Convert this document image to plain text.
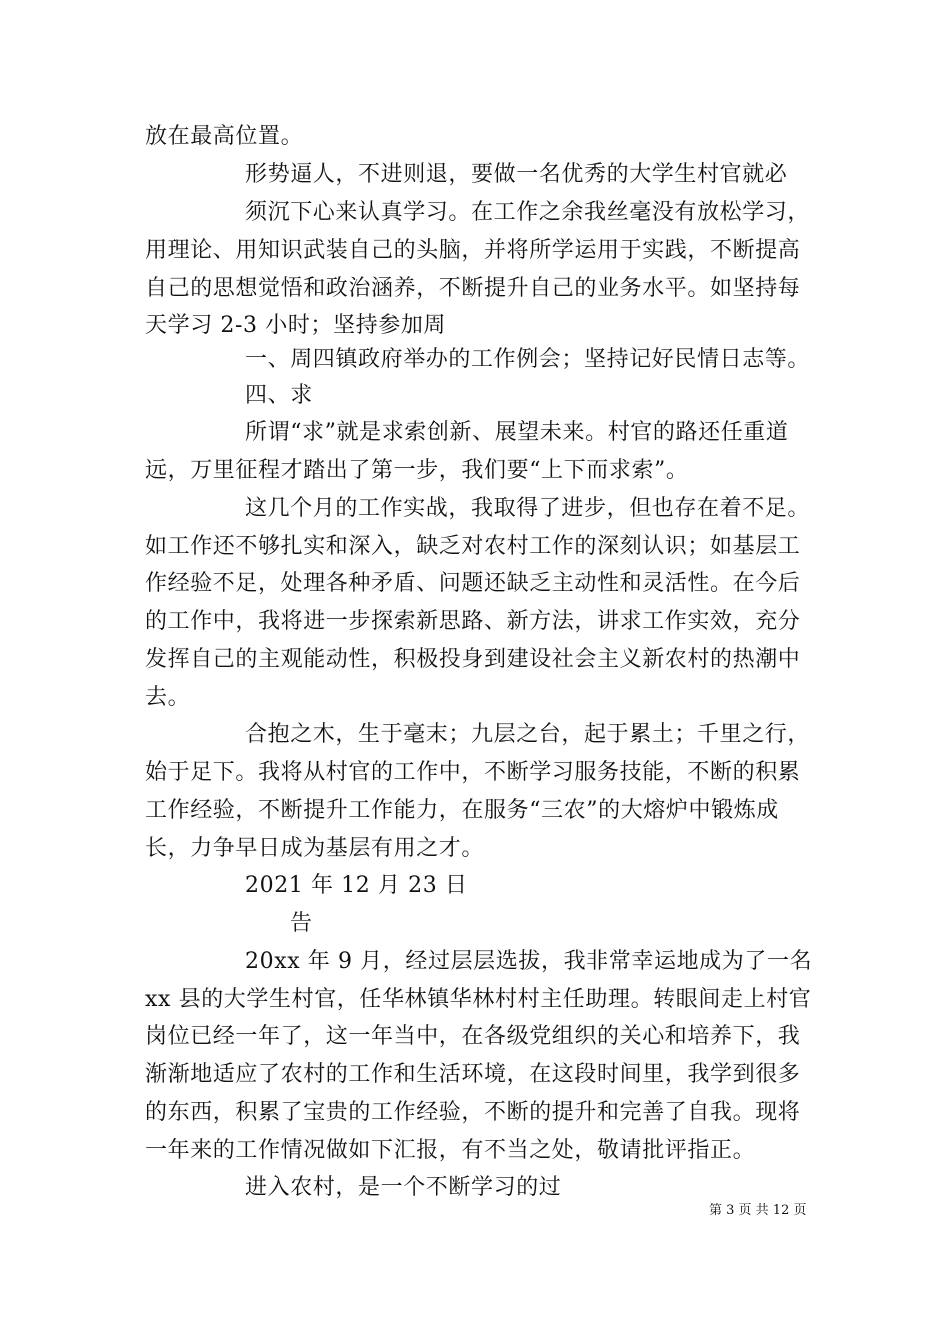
放在最高位置。
形势逼人，不进则退，要做一名优秀的大学生村官就必
须沉下心来认真学习。在工作之余我丝毫没有放松学习，
用理论、用知识武装自己的头脑，并将所学运用于实践，不断提高
自己的思想觉悟和政治涵养，不断提升自己的业务水平。如坚持每
天学习 2-3 小时；坚持参加周
一、周四镇政府举办的工作例会；坚持记好民情日志等。
四、求
所谓“求”就是求索创新、展望未来。村官的路还任重道
远，万里征程才踏出了第一步，我们要“上下而求索”。
这几个月的工作实战，我取得了进步，但也存在着不足。
如工作还不够扎实和深入，缺乏对农村工作的深刻认识；如基层工
作经验不足，处理各种矛盾、问题还缺乏主动性和灵活性。在今后
的工作中，我将进一步探索新思路、新方法，讲求工作实效，充分
发挥自己的主观能动性，积极投身到建设社会主义新农村的热潮中
去。
合抱之木，生于毫末；九层之台，起于累土；千里之行，
始于足下。我将从村官的工作中，不断学习服务技能，不断的积累
工作经验，不断提升工作能力，在服务“三农”的大熔炉中锻炼成
长，力争早日成为基层有用之才。
2021 年 12 月 23 日
告
20xx 年 9 月，经过层层选拔，我非常幸运地成为了一名
xx 县的大学生村官，任华林镇华林村村主任助理。转眼间走上村官
岗位已经一年了，这一年当中，在各级党组织的关心和培养下，我
渐渐地适应了农村的工作和生活环境，在这段时间里，我学到很多
的东西，积累了宝贵的工作经验，不断的提升和完善了自我。现将
一年来的工作情况做如下汇报，有不当之处，敬请批评指正。
进入农村，是一个不断学习的过
第 3 页 共 12 页
